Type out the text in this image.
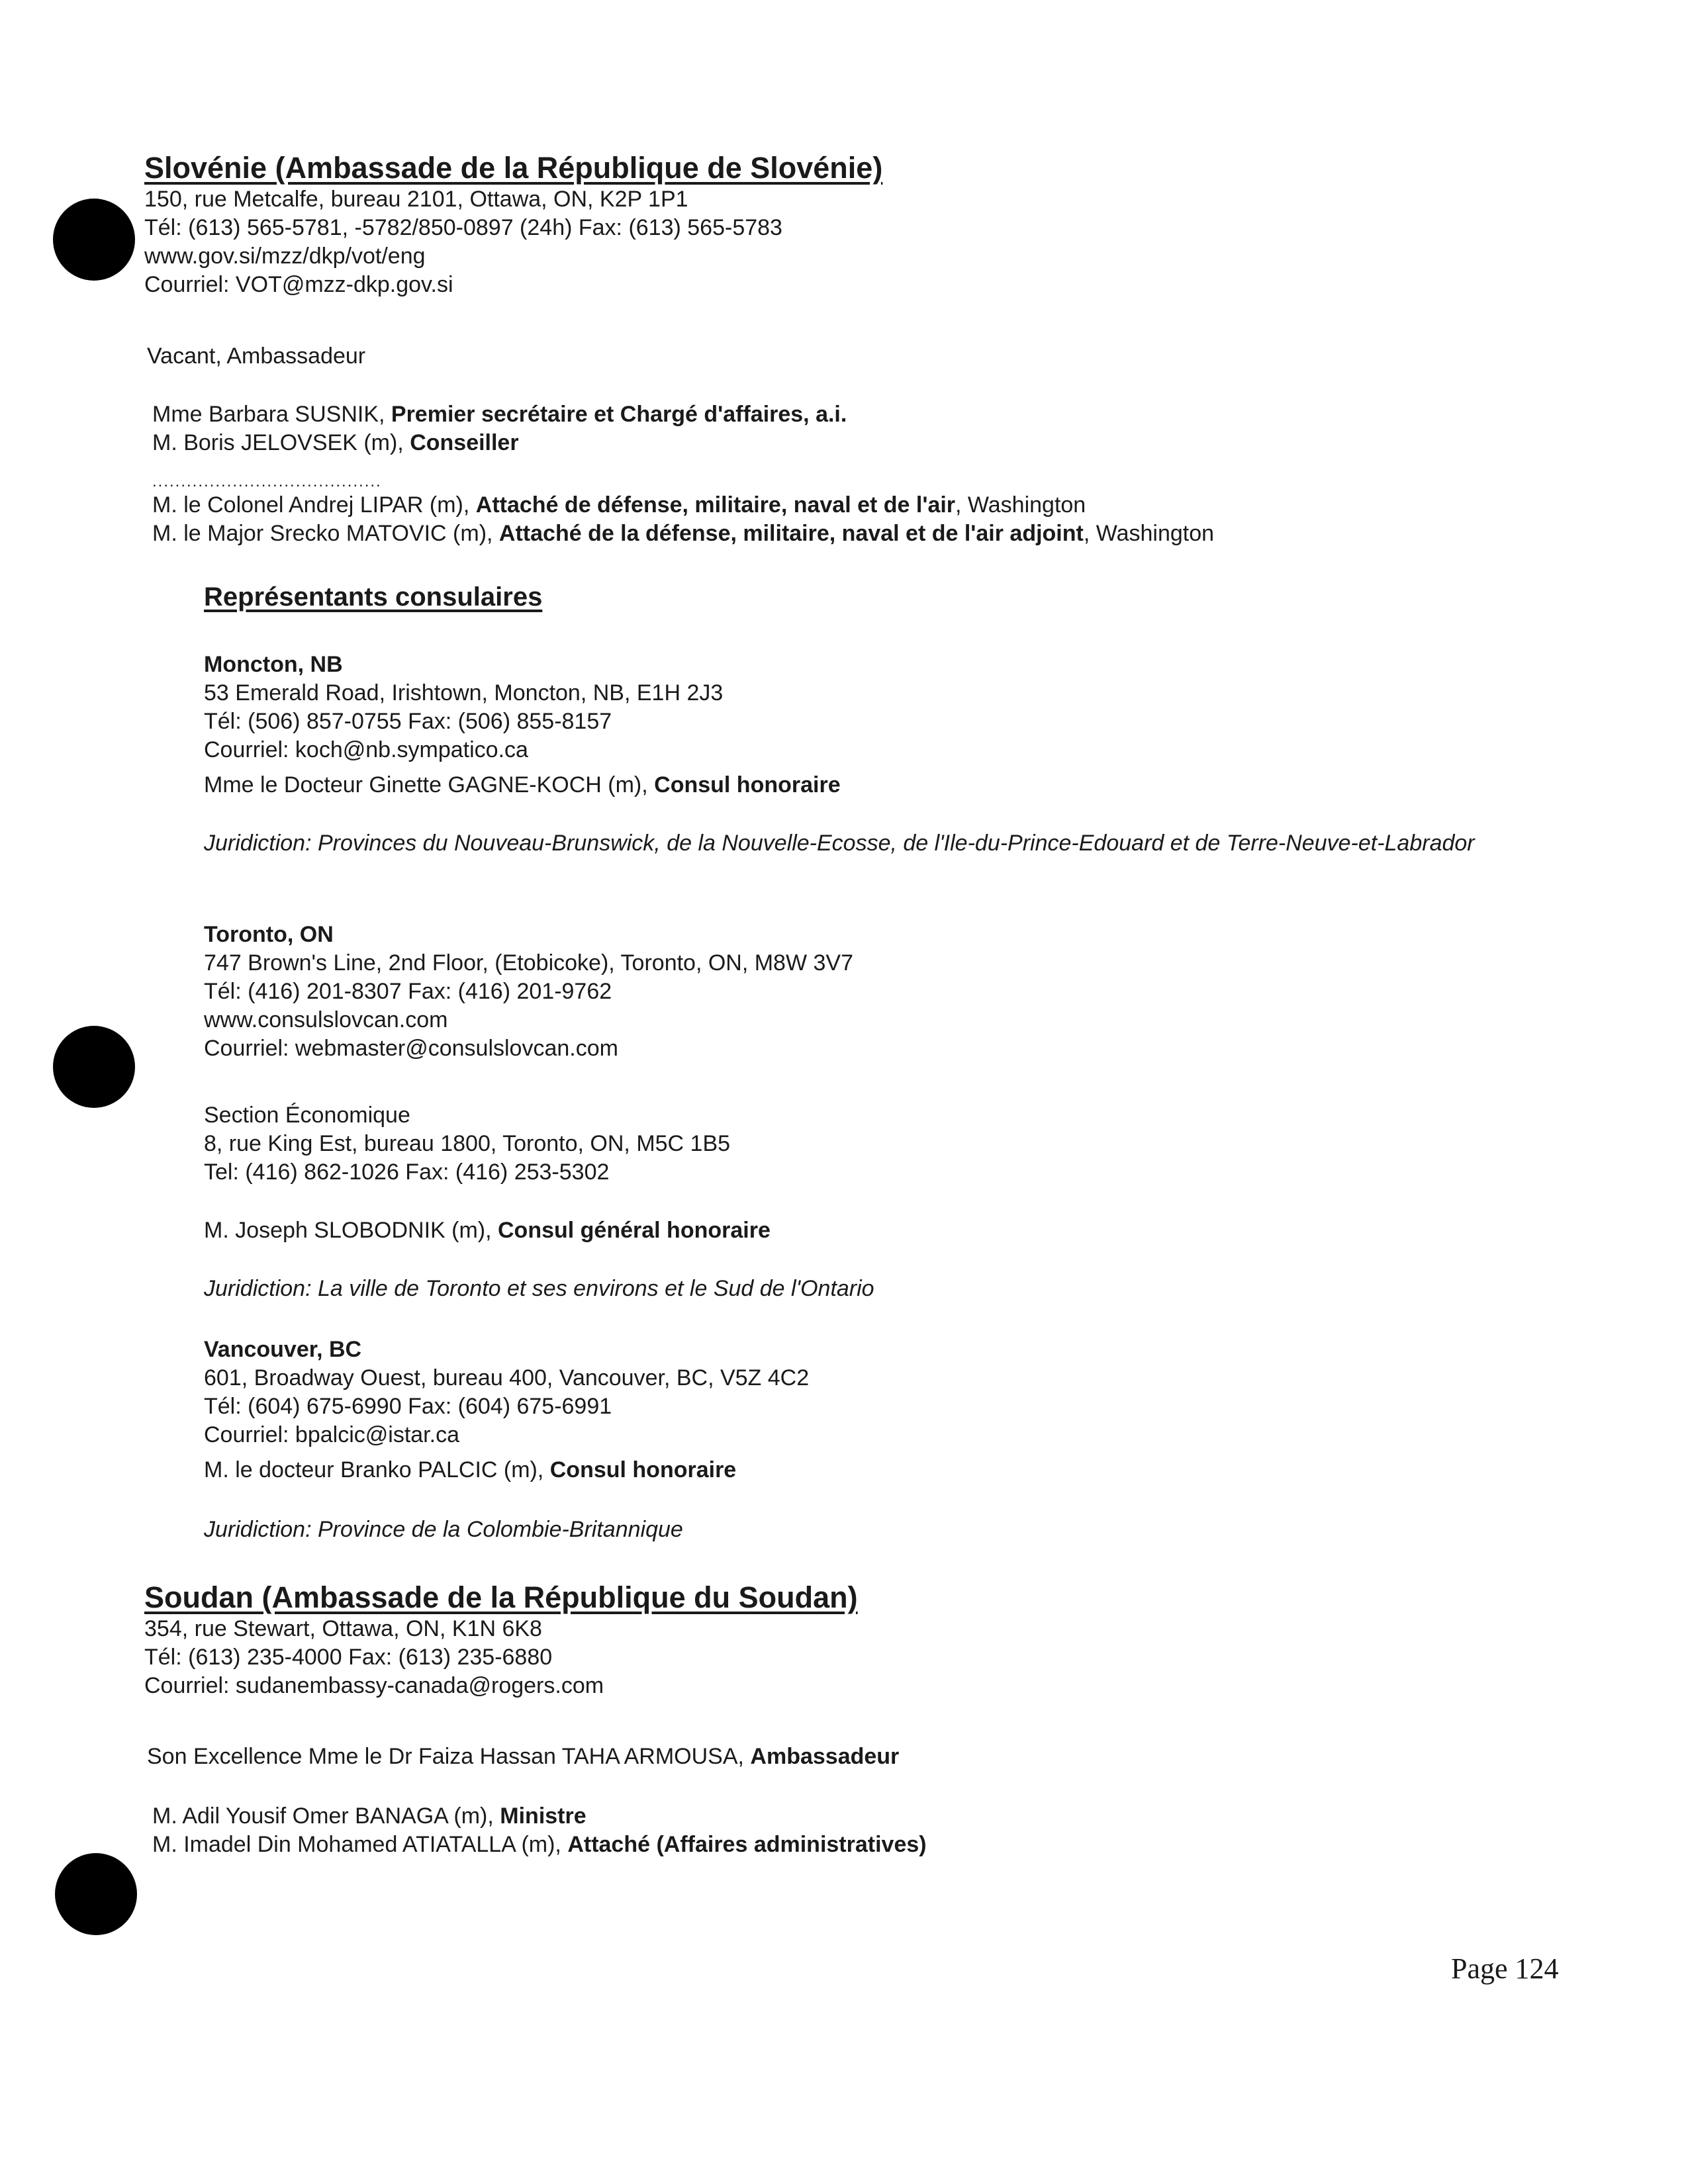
Slovénie (Ambassade de la République de Slovénie)
150, rue Metcalfe, bureau 2101, Ottawa, ON, K2P 1P1
Tél: (613) 565-5781, -5782/850-0897 (24h) Fax: (613) 565-5783
www.gov.si/mzz/dkp/vot/eng
Courriel: VOT@mzz-dkp.gov.si
Vacant, Ambassadeur
Mme Barbara SUSNIK, Premier secrétaire et Chargé d'affaires, a.i.
M. Boris JELOVSEK (m), Conseiller
........................................
M. le Colonel Andrej LIPAR (m), Attaché de défense, militaire, naval et de l'air, Washington
M. le Major Srecko MATOVIC (m), Attaché de la défense, militaire, naval et de l'air adjoint, Washington
Représentants consulaires
Moncton, NB
53 Emerald Road, Irishtown, Moncton, NB, E1H 2J3
Tél: (506) 857-0755 Fax: (506) 855-8157
Courriel: koch@nb.sympatico.ca
Mme le Docteur Ginette GAGNE-KOCH (m), Consul honoraire
Juridiction: Provinces du Nouveau-Brunswick, de la Nouvelle-Ecosse, de l'Ile-du-Prince-Edouard et de Terre-Neuve-et-Labrador
Toronto, ON
747 Brown's Line, 2nd Floor, (Etobicoke), Toronto, ON, M8W 3V7
Tél: (416) 201-8307 Fax: (416) 201-9762
www.consulslovcan.com
Courriel: webmaster@consulslovcan.com
Section Économique
8, rue King Est, bureau 1800, Toronto, ON, M5C 1B5
Tel: (416) 862-1026 Fax: (416) 253-5302
M. Joseph SLOBODNIK (m), Consul général honoraire
Juridiction: La ville de Toronto et ses environs et le Sud de l'Ontario
Vancouver, BC
601, Broadway Ouest, bureau 400, Vancouver, BC, V5Z 4C2
Tél: (604) 675-6990 Fax: (604) 675-6991
Courriel: bpalcic@istar.ca
M. le docteur Branko PALCIC (m), Consul honoraire
Juridiction: Province de la Colombie-Britannique
Soudan (Ambassade de la République du Soudan)
354, rue Stewart, Ottawa, ON, K1N 6K8
Tél: (613) 235-4000 Fax: (613) 235-6880
Courriel: sudanembassy-canada@rogers.com
Son Excellence Mme le Dr Faiza Hassan TAHA ARMOUSA, Ambassadeur
M. Adil Yousif Omer BANAGA (m), Ministre
M. Imadel Din Mohamed ATIATALLA (m), Attaché (Affaires administratives)
Page 124
